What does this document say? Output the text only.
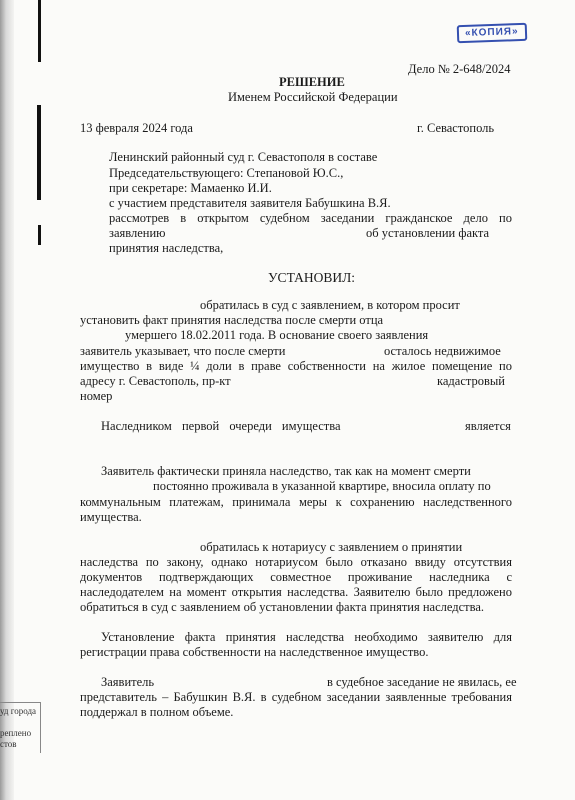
«КОПИЯ»
Дело № 2-648/2024
РЕШЕНИЕ
Именем Российской Федерации
13 февраля 2024 года	г. Севастополь
Ленинский районный суд г. Севастополя в составе
Председательствующего: Степановой Ю.С.,
при секретаре: Мамаенко И.И.
с участием представителя заявителя Бабушкина В.Я.
рассмотрев в открытом судебном заседании гражданское дело по
заявлению	об установлении факта
принятия наследства,
УСТАНОВИЛ:
обратилась в суд с заявлением, в котором просит
установить факт принятия наследства после смерти отца
умершего 18.02.2011 года. В основание своего заявления
заявитель указывает, что после смерти	осталось недвижимое
имущество в виде ¼ доли в праве собственности на жилое помещение по
адресу г. Севастополь, пр-кт	кадастровый
номер
Наследником первой очереди имущества	является
Заявитель фактически приняла наследство, так как на момент смерти
постоянно проживала в указанной квартире, вносила оплату по
коммунальным платежам, принимала меры к сохранению наследственного
имущества.
обратилась к нотариусу с заявлением о принятии
наследства по закону, однако нотариусом было отказано ввиду отсутствия
документов подтверждающих совместное проживание наследника с
наследодателем на момент открытия наследства. Заявителю было предложено
обратиться в суд с заявлением об установлении факта принятия наследства.
Установление факта принятия наследства необходимо заявителю для
регистрации права собственности на наследственное имущество.
Заявитель	в судебное заседание не явилась, ее
представитель – Бабушкин В.Я. в судебном заседании заявленные требования
поддержал в полном объеме.
уд города
реплено
стов
